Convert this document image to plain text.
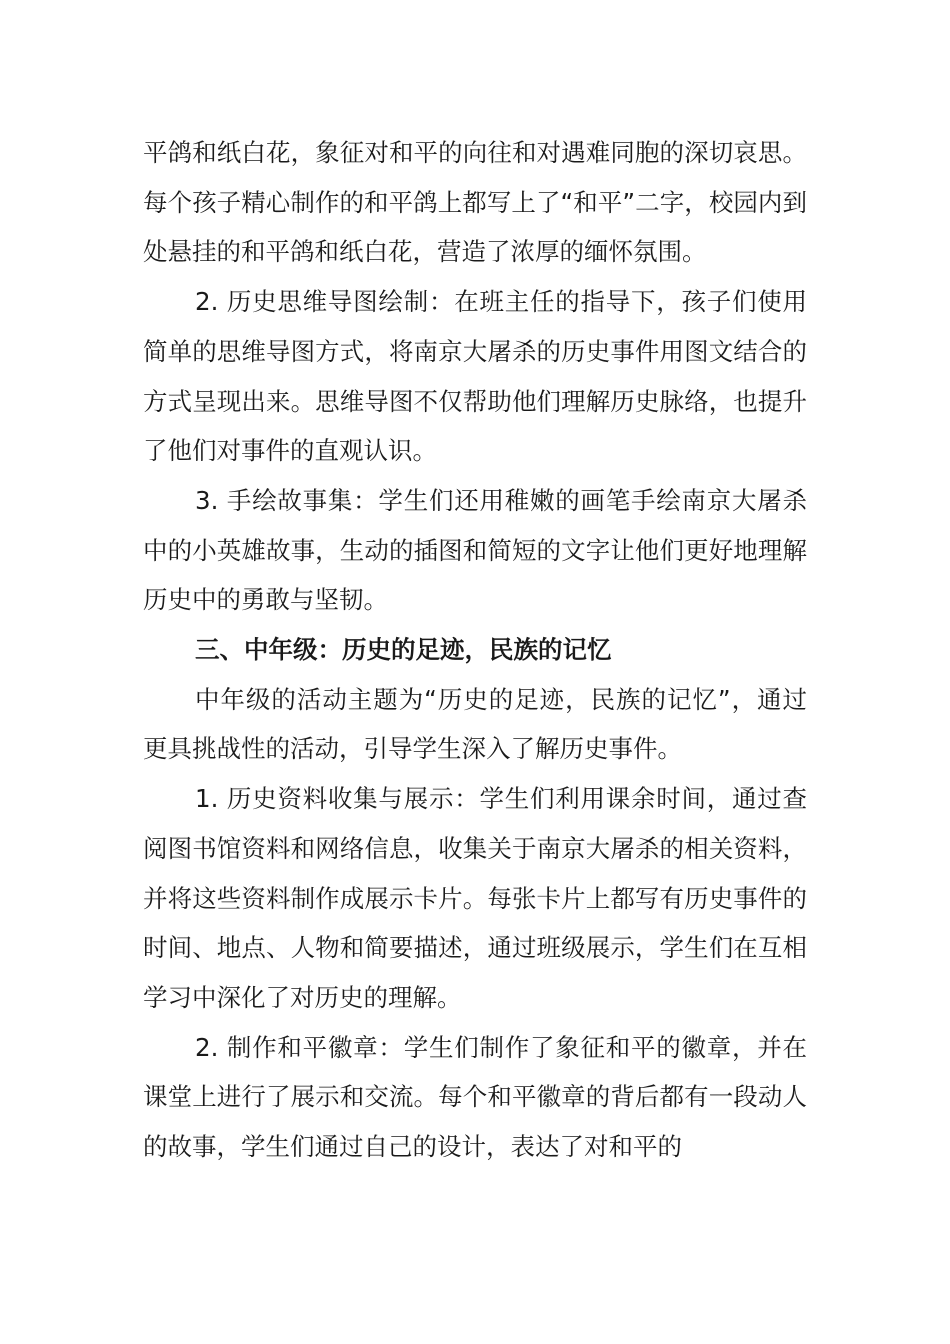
平鸽和纸白花，象征对和平的向往和对遇难同胞的深切哀思。每个孩子精心制作的和平鸽上都写上了“和平”二字，校园内到处悬挂的和平鸽和纸白花，营造了浓厚的缅怀氛围。

2. 历史思维导图绘制：在班主任的指导下，孩子们使用简单的思维导图方式，将南京大屠杀的历史事件用图文结合的方式呈现出来。思维导图不仅帮助他们理解历史脉络，也提升了他们对事件的直观认识。

3. 手绘故事集：学生们还用稚嫩的画笔手绘南京大屠杀中的小英雄故事，生动的插图和简短的文字让他们更好地理解历史中的勇敢与坚韧。

三、中年级：历史的足迹，民族的记忆

中年级的活动主题为“历史的足迹，民族的记忆”，通过更具挑战性的活动，引导学生深入了解历史事件。

1. 历史资料收集与展示：学生们利用课余时间，通过查阅图书馆资料和网络信息，收集关于南京大屠杀的相关资料，并将这些资料制作成展示卡片。每张卡片上都写有历史事件的时间、地点、人物和简要描述，通过班级展示，学生们在互相学习中深化了对历史的理解。

2. 制作和平徽章：学生们制作了象征和平的徽章，并在课堂上进行了展示和交流。每个和平徽章的背后都有一段动人的故事，学生们通过自己的设计，表达了对和平的
